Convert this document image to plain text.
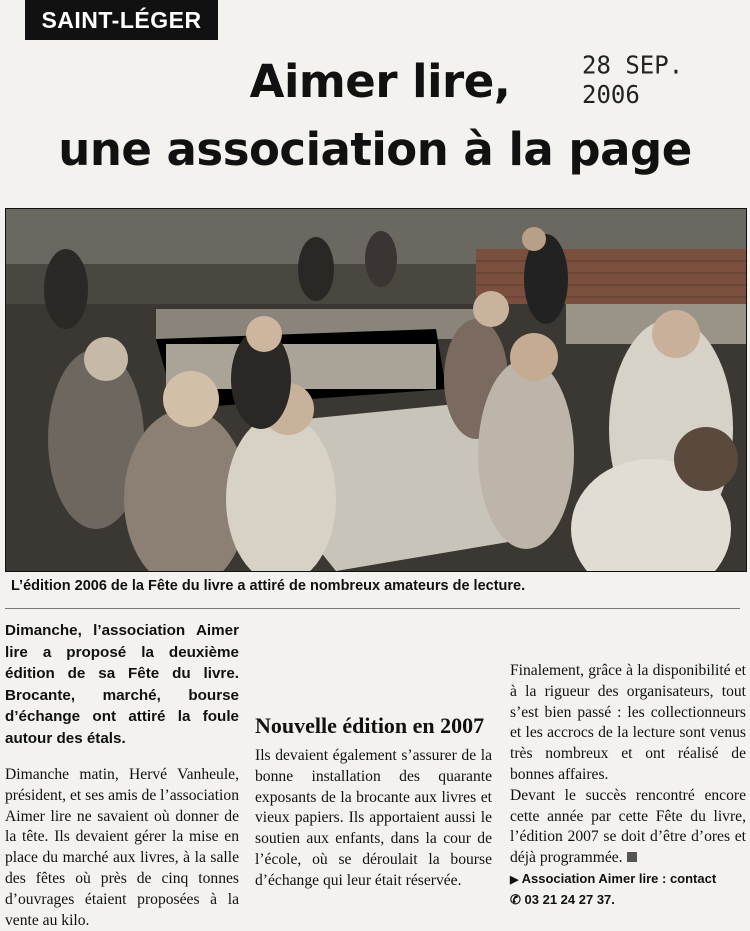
SAINT-LÉGER
28 SEP. 2006
Aimer lire,
une association à la page
L’édition 2006 de la Fête du livre a attiré de nombreux amateurs de lecture.

Dimanche, l’association Aimer lire a proposé la deuxième édition de sa Fête du livre. Brocante, marché, bourse d’échange ont attiré la foule autour des étals.

Dimanche matin, Hervé Vanheule, président, et ses amis de l’association Aimer lire ne savaient où donner de la tête. Ils devaient gérer la mise en place du marché aux livres, à la salle des fêtes où près de cinq tonnes d’ouvrages étaient proposées à la vente au kilo.

Nouvelle édition en 2007

Ils devaient également s’assurer de la bonne installation des quarante exposants de la brocante aux livres et vieux papiers. Ils apportaient aussi le soutien aux enfants, dans la cour de l’école, où se déroulait la bourse d’échange qui leur était réservée.

Finalement, grâce à la disponibilité et à la rigueur des organisateurs, tout s’est bien passé : les collectionneurs et les accrocs de la lecture sont venus très nombreux et ont réalisé de bonnes affaires.

Devant le succès rencontré encore cette année par cette Fête du livre, l’édition 2007 se doit d’être d’ores et déjà programmée.

▶ Association Aimer lire : contact
✆ 03 21 24 27 37.
